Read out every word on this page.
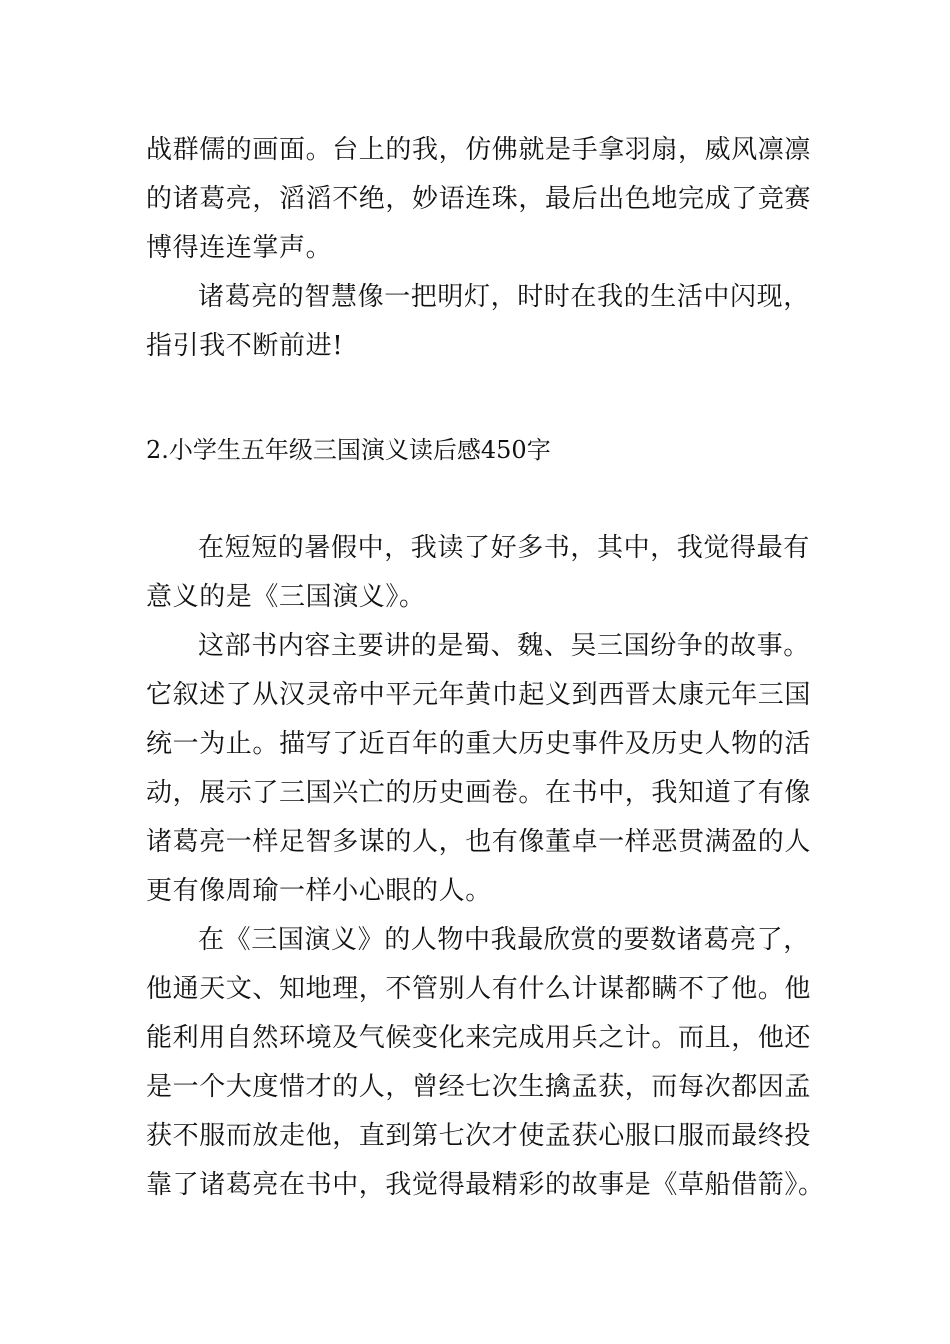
战群儒的画面。台上的我，仿佛就是手拿羽扇，威风凛凛
的诸葛亮，滔滔不绝，妙语连珠，最后出色地完成了竞赛
博得连连掌声。
诸葛亮的智慧像一把明灯，时时在我的生活中闪现，
指引我不断前进!
2.小学生五年级三国演义读后感450字
在短短的暑假中，我读了好多书，其中，我觉得最有
意义的是《三国演义》。
这部书内容主要讲的是蜀、魏、吴三国纷争的故事。
它叙述了从汉灵帝中平元年黄巾起义到西晋太康元年三国
统一为止。描写了近百年的重大历史事件及历史人物的活
动，展示了三国兴亡的历史画卷。在书中，我知道了有像
诸葛亮一样足智多谋的人，也有像董卓一样恶贯满盈的人
更有像周瑜一样小心眼的人。
在《三国演义》的人物中我最欣赏的要数诸葛亮了，
他通天文、知地理，不管别人有什么计谋都瞒不了他。他
能利用自然环境及气候变化来完成用兵之计。而且，他还
是一个大度惜才的人，曾经七次生擒孟获，而每次都因孟
获不服而放走他，直到第七次才使孟获心服口服而最终投
靠了诸葛亮在书中，我觉得最精彩的故事是《草船借箭》。
